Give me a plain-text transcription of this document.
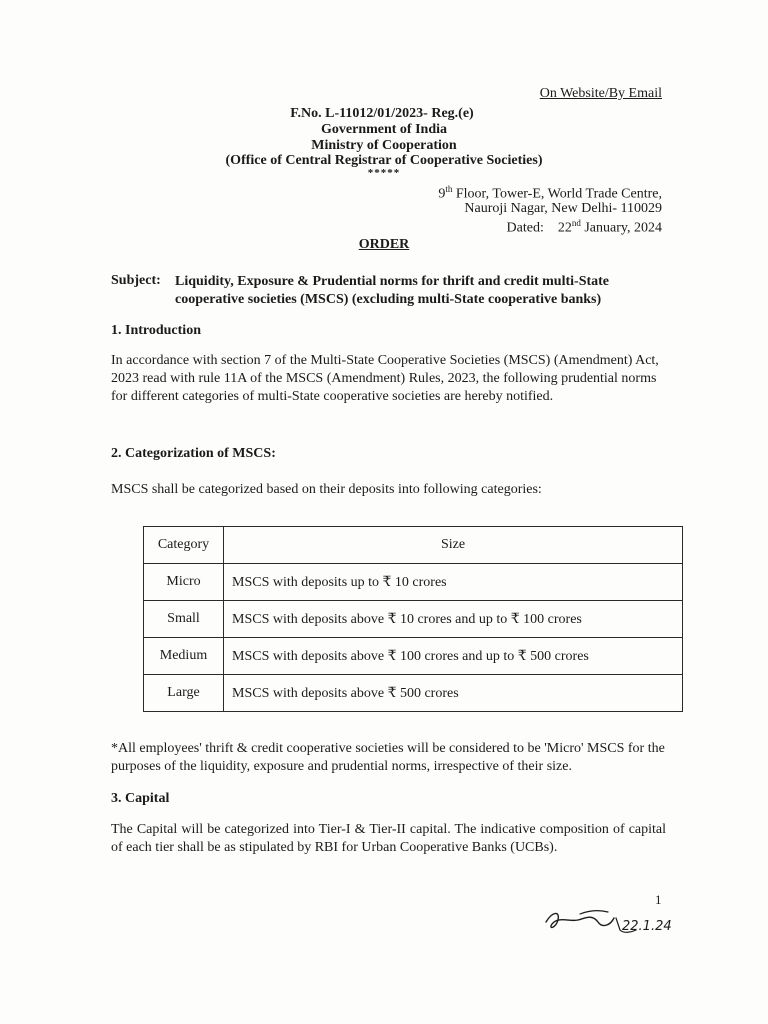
On Website/By Email

F.No. L-11012/01/2023- Reg.(e)

Government of India

Ministry of Cooperation

(Office of Central Registrar of Cooperative Societies)

*****

9th Floor, Tower-E, World Trade Centre,

Nauroji Nagar, New Delhi- 110029

Dated: 22nd January, 2024

ORDER

Subject: Liquidity, Exposure & Prudential norms for thrift and credit multi-State cooperative societies (MSCS) (excluding multi-State cooperative banks)

1. Introduction

In accordance with section 7 of the Multi-State Cooperative Societies (MSCS) (Amendment) Act, 2023 read with rule 11A of the MSCS (Amendment) Rules, 2023, the following prudential norms for different categories of multi-State cooperative societies are hereby notified.

2. Categorization of MSCS:

MSCS shall be categorized based on their deposits into following categories:

Category	Size
Micro	MSCS with deposits up to ₹ 10 crores
Small	MSCS with deposits above ₹ 10 crores and up to ₹ 100 crores
Medium	MSCS with deposits above ₹ 100 crores and up to ₹ 500 crores
Large	MSCS with deposits above ₹ 500 crores

*All employees' thrift & credit cooperative societies will be considered to be 'Micro' MSCS for the purposes of the liquidity, exposure and prudential norms, irrespective of their size.

3. Capital

The Capital will be categorized into Tier-I & Tier-II capital. The indicative composition of capital of each tier shall be as stipulated by RBI for Urban Cooperative Banks (UCBs).

1

22.1.24
